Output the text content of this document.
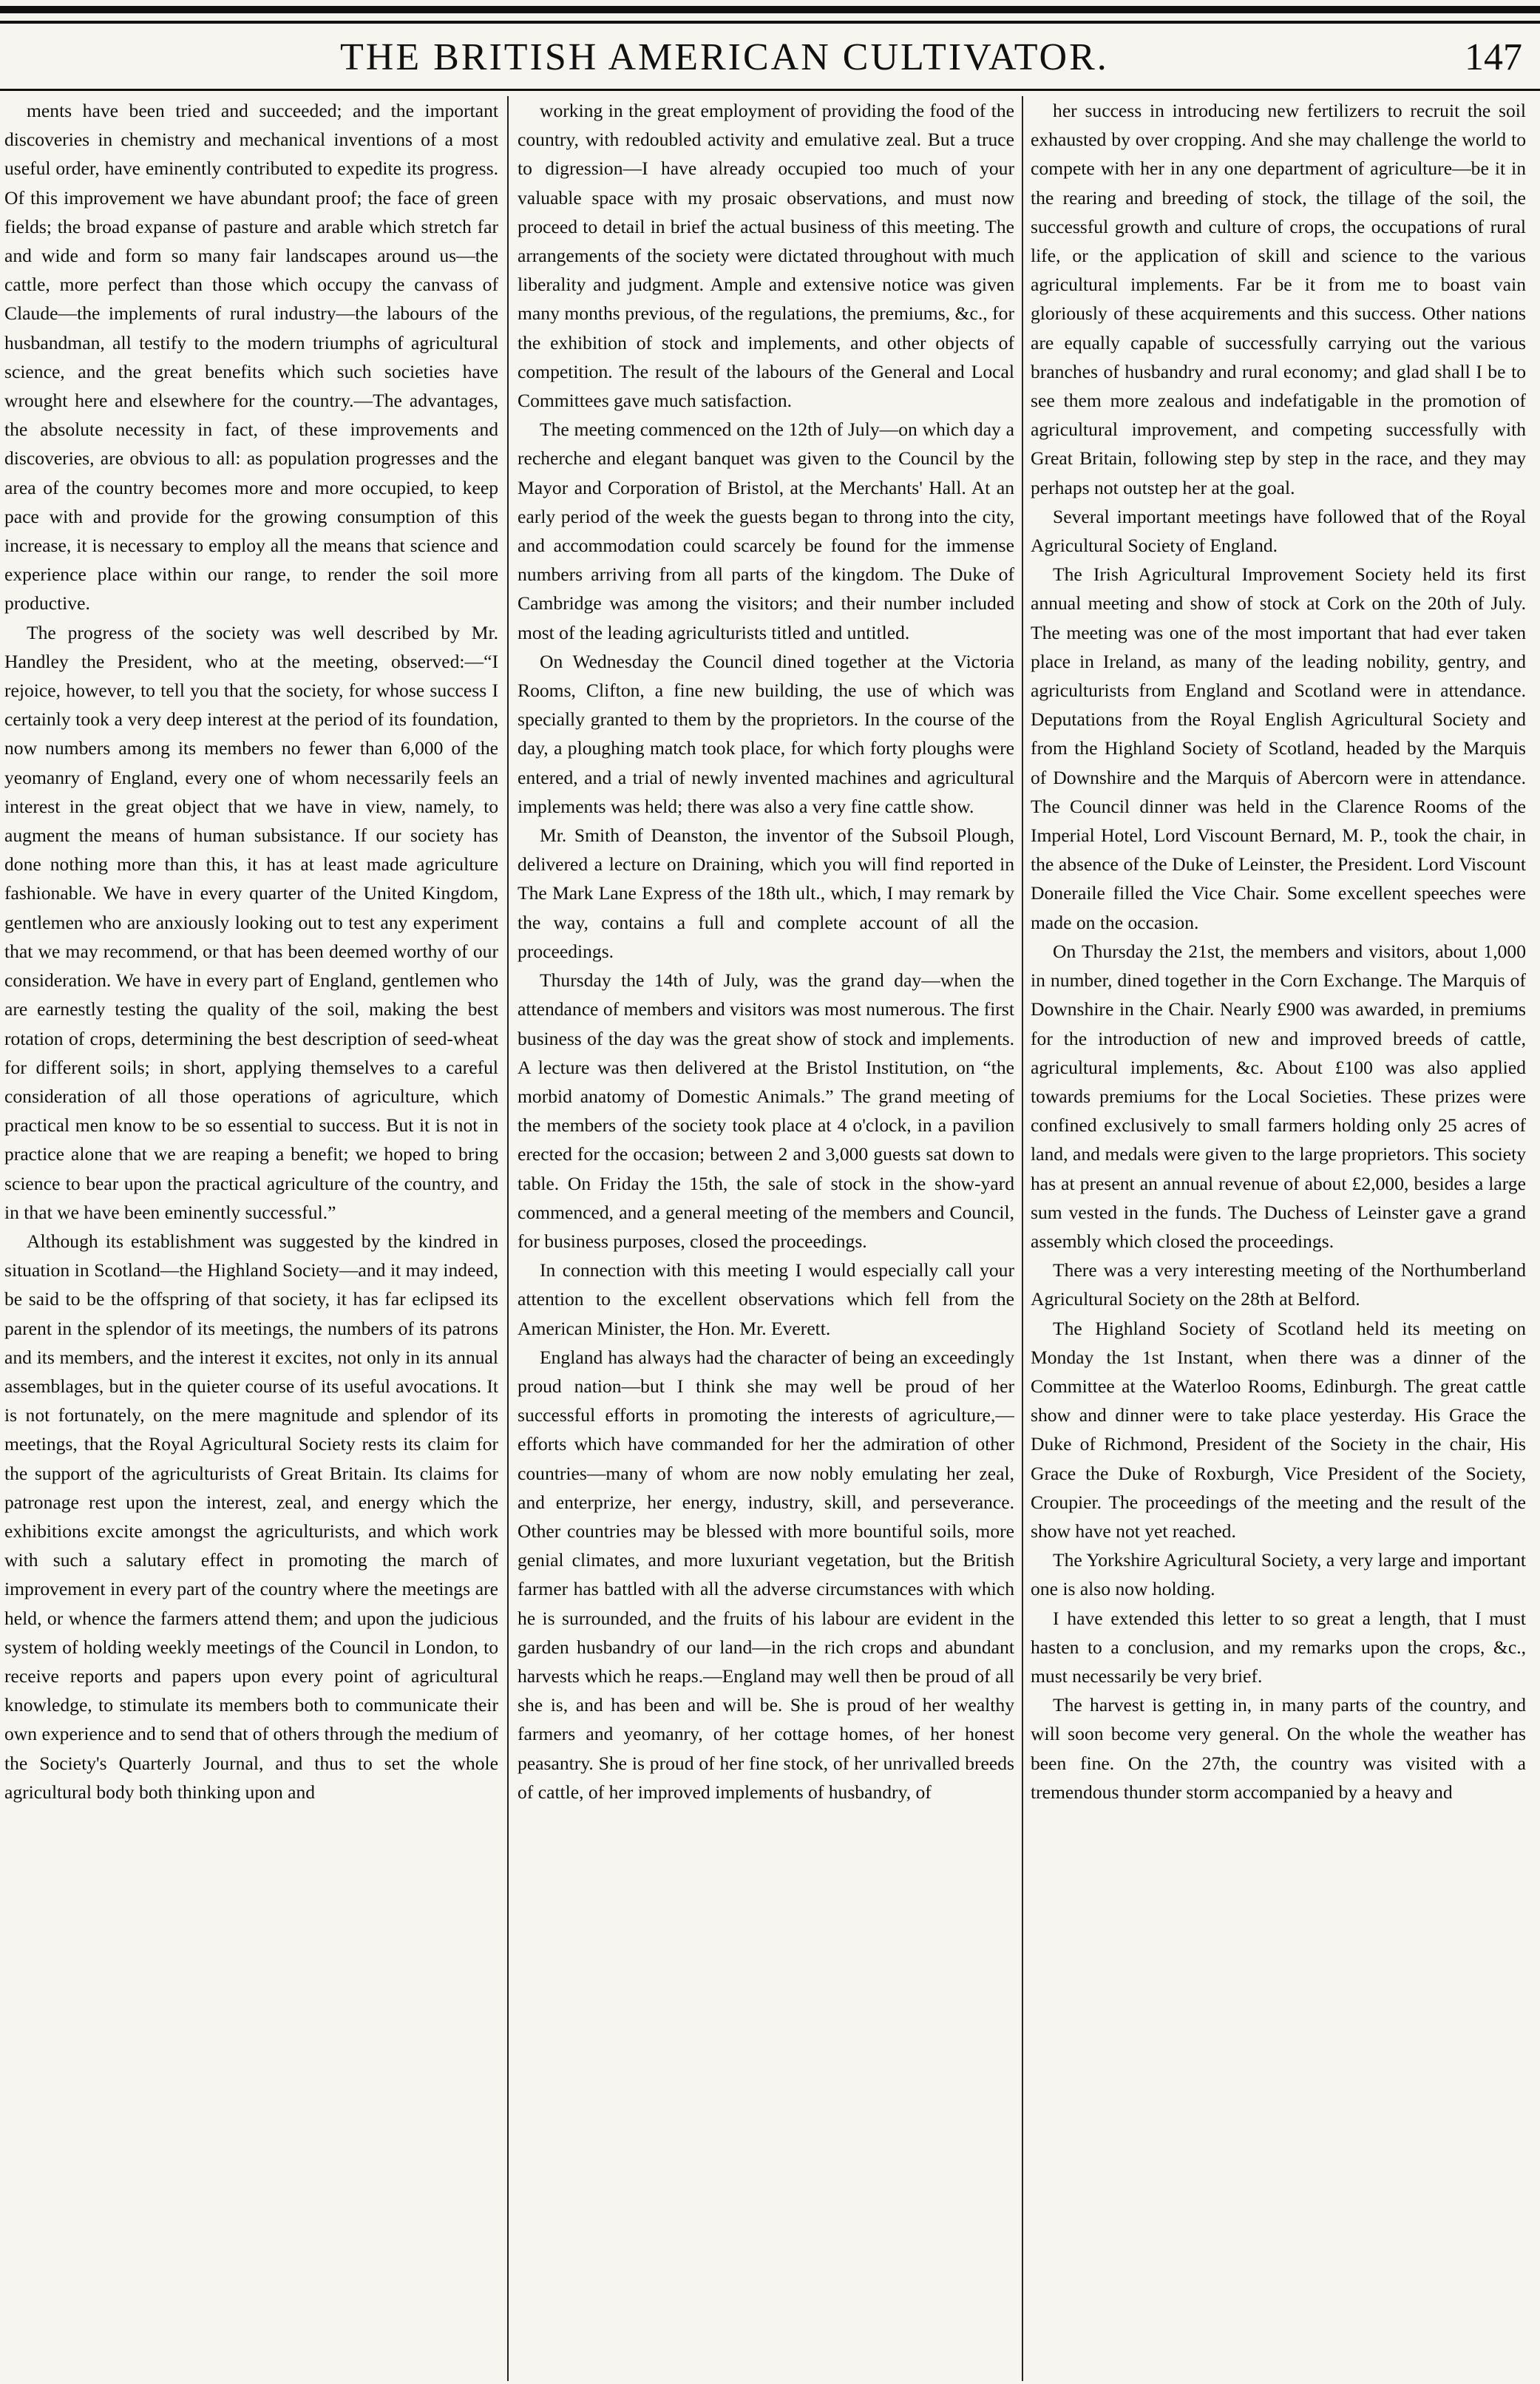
THE BRITISH AMERICAN CULTIVATOR.	147

ments have been tried and succeeded; and the important discoveries in chemistry and mechanical inventions of a most useful order, have eminently contributed to expedite its progress. Of this improvement we have abundant proof; the face of green fields; the broad expanse of pasture and arable which stretch far and wide and form so many fair landscapes around us—the cattle, more perfect than those which occupy the canvass of Claude—the implements of rural industry—the labours of the husbandman, all testify to the modern triumphs of agricultural science, and the great benefits which such societies have wrought here and elsewhere for the country.—The advantages, the absolute necessity in fact, of these improvements and discoveries, are obvious to all: as population progresses and the area of the country becomes more and more occupied, to keep pace with and provide for the growing consumption of this increase, it is necessary to employ all the means that science and experience place within our range, to render the soil more productive.

The progress of the society was well described by Mr. Handley the President, who at the meeting, observed:—“I rejoice, however, to tell you that the society, for whose success I certainly took a very deep interest at the period of its foundation, now numbers among its members no fewer than 6,000 of the yeomanry of England, every one of whom necessarily feels an interest in the great object that we have in view, namely, to augment the means of human subsistance. If our society has done nothing more than this, it has at least made agriculture fashionable. We have in every quarter of the United Kingdom, gentlemen who are anxiously looking out to test any experiment that we may recommend, or that has been deemed worthy of our consideration. We have in every part of England, gentlemen who are earnestly testing the quality of the soil, making the best rotation of crops, determining the best description of seed-wheat for different soils; in short, applying themselves to a careful consideration of all those operations of agriculture, which practical men know to be so essential to success. But it is not in practice alone that we are reaping a benefit; we hoped to bring science to bear upon the practical agriculture of the country, and in that we have been eminently successful.”

Although its establishment was suggested by the kindred in situation in Scotland—the Highland Society—and it may indeed, be said to be the offspring of that society, it has far eclipsed its parent in the splendor of its meetings, the numbers of its patrons and its members, and the interest it excites, not only in its annual assemblages, but in the quieter course of its useful avocations. It is not fortunately, on the mere magnitude and splendor of its meetings, that the Royal Agricultural Society rests its claim for the support of the agriculturists of Great Britain. Its claims for patronage rest upon the interest, zeal, and energy which the exhibitions excite amongst the agriculturists, and which work with such a salutary effect in promoting the march of improvement in every part of the country where the meetings are held, or whence the farmers attend them; and upon the judicious system of holding weekly meetings of the Council in London, to receive reports and papers upon every point of agricultural knowledge, to stimulate its members both to communicate their own experience and to send that of others through the medium of the Society's Quarterly Journal, and thus to set the whole agricultural body both thinking upon and

working in the great employment of providing the food of the country, with redoubled activity and emulative zeal. But a truce to digression—I have already occupied too much of your valuable space with my prosaic observations, and must now proceed to detail in brief the actual business of this meeting. The arrangements of the society were dictated throughout with much liberality and judgment. Ample and extensive notice was given many months previous, of the regulations, the premiums, &c., for the exhibition of stock and implements, and other objects of competition. The result of the labours of the General and Local Committees gave much satisfaction.

The meeting commenced on the 12th of July—on which day a recherche and elegant banquet was given to the Council by the Mayor and Corporation of Bristol, at the Merchants' Hall. At an early period of the week the guests began to throng into the city, and accommodation could scarcely be found for the immense numbers arriving from all parts of the kingdom. The Duke of Cambridge was among the visitors; and their number included most of the leading agriculturists titled and untitled.

On Wednesday the Council dined together at the Victoria Rooms, Clifton, a fine new building, the use of which was specially granted to them by the proprietors. In the course of the day, a ploughing match took place, for which forty ploughs were entered, and a trial of newly invented machines and agricultural implements was held; there was also a very fine cattle show.

Mr. Smith of Deanston, the inventor of the Subsoil Plough, delivered a lecture on Draining, which you will find reported in The Mark Lane Express of the 18th ult., which, I may remark by the way, contains a full and complete account of all the proceedings.

Thursday the 14th of July, was the grand day—when the attendance of members and visitors was most numerous. The first business of the day was the great show of stock and implements. A lecture was then delivered at the Bristol Institution, on “the morbid anatomy of Domestic Animals.” The grand meeting of the members of the society took place at 4 o'clock, in a pavilion erected for the occasion; between 2 and 3,000 guests sat down to table. On Friday the 15th, the sale of stock in the show-yard commenced, and a general meeting of the members and Council, for business purposes, closed the proceedings.

In connection with this meeting I would especially call your attention to the excellent observations which fell from the American Minister, the Hon. Mr. Everett.

England has always had the character of being an exceedingly proud nation—but I think she may well be proud of her successful efforts in promoting the interests of agriculture,—efforts which have commanded for her the admiration of other countries—many of whom are now nobly emulating her zeal, and enterprize, her energy, industry, skill, and perseverance. Other countries may be blessed with more bountiful soils, more genial climates, and more luxuriant vegetation, but the British farmer has battled with all the adverse circumstances with which he is surrounded, and the fruits of his labour are evident in the garden husbandry of our land—in the rich crops and abundant harvests which he reaps.—England may well then be proud of all she is, and has been and will be. She is proud of her wealthy farmers and yeomanry, of her cottage homes, of her honest peasantry. She is proud of her fine stock, of her unrivalled breeds of cattle, of her improved implements of husbandry, of

her success in introducing new fertilizers to recruit the soil exhausted by over cropping. And she may challenge the world to compete with her in any one department of agriculture—be it in the rearing and breeding of stock, the tillage of the soil, the successful growth and culture of crops, the occupations of rural life, or the application of skill and science to the various agricultural implements. Far be it from me to boast vain gloriously of these acquirements and this success. Other nations are equally capable of successfully carrying out the various branches of husbandry and rural economy; and glad shall I be to see them more zealous and indefatigable in the promotion of agricultural improvement, and competing successfully with Great Britain, following step by step in the race, and they may perhaps not outstep her at the goal.

Several important meetings have followed that of the Royal Agricultural Society of England.

The Irish Agricultural Improvement Society held its first annual meeting and show of stock at Cork on the 20th of July. The meeting was one of the most important that had ever taken place in Ireland, as many of the leading nobility, gentry, and agriculturists from England and Scotland were in attendance. Deputations from the Royal English Agricultural Society and from the Highland Society of Scotland, headed by the Marquis of Downshire and the Marquis of Abercorn were in attendance. The Council dinner was held in the Clarence Rooms of the Imperial Hotel, Lord Viscount Bernard, M. P., took the chair, in the absence of the Duke of Leinster, the President. Lord Viscount Donerailе filled the Vice Chair. Some excellent speeches were made on the occasion.

On Thursday the 21st, the members and visitors, about 1,000 in number, dined together in the Corn Exchange. The Marquis of Downshire in the Chair. Nearly £900 was awarded, in premiums for the introduction of new and improved breeds of cattle, agricultural implements, &c. About £100 was also applied towards premiums for the Local Societies. These prizes were confined exclusively to small farmers holding only 25 acres of land, and medals were given to the large proprietors. This society has at present an annual revenue of about £2,000, besides a large sum vested in the funds. The Duchess of Leinster gave a grand assembly which closed the proceedings.

There was a very interesting meeting of the Northumberland Agricultural Society on the 28th at Belford.

The Highland Society of Scotland held its meeting on Monday the 1st Instant, when there was a dinner of the Committee at the Waterloo Rooms, Edinburgh. The great cattle show and dinner were to take place yesterday. His Grace the Duke of Richmond, President of the Society in the chair, His Grace the Duke of Roxburgh, Vice President of the Society, Croupier. The proceedings of the meeting and the result of the show have not yet reached.

The Yorkshire Agricultural Society, a very large and important one is also now holding.

I have extended this letter to so great a length, that I must hasten to a conclusion, and my remarks upon the crops, &c., must necessarily be very brief.

The harvest is getting in, in many parts of the country, and will soon become very general. On the whole the weather has been fine. On the 27th, the country was visited with a tremendous thunder storm accompanied by a heavy and
